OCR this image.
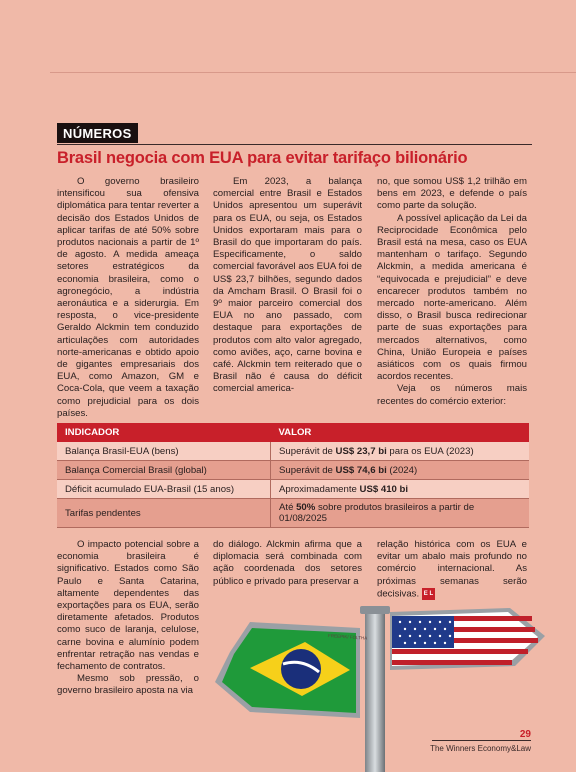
NÚMEROS
Brasil negocia com EUA para evitar tarifaço bilionário

O governo brasileiro intensificou sua ofensiva diplomática para tentar reverter a decisão dos Estados Unidos de aplicar tarifas de até 50% sobre produtos nacionais a partir de 1º de agosto. A medida ameaça setores estratégicos da economia brasileira, como o agronegócio, a indústria aeronáutica e a siderurgia. Em resposta, o vice-presidente Geraldo Alckmin tem conduzido articulações com autoridades norte-americanas e obtido apoio de gigantes empresariais dos EUA, como Amazon, GM e Coca-Cola, que veem a taxação como prejudicial para os dois países.

Em 2023, a balança comercial entre Brasil e Estados Unidos apresentou um superávit para os EUA, ou seja, os Estados Unidos exportaram mais para o Brasil do que importaram do país. Especificamente, o saldo comercial favorável aos EUA foi de US$ 23,7 bilhões, segundo dados da Amcham Brasil. O Brasil foi o 9º maior parceiro comercial dos EUA no ano passado, com destaque para exportações de produtos com alto valor agregado, como aviões, aço, carne bovina e café. Alckmin tem reiterado que o Brasil não é causa do déficit comercial america-

no, que somou US$ 1,2 trilhão em bens em 2023, e defende o país como parte da solução.

A possível aplicação da Lei da Reciprocidade Econômica pelo Brasil está na mesa, caso os EUA mantenham o tarifaço. Segundo Alckmin, a medida americana é “equivocada e prejudicial” e deve encarecer produtos também no mercado norte-americano. Além disso, o Brasil busca redirecionar parte de suas exportações para mercados alternativos, como China, União Europeia e países asiáticos com os quais firmou acordos recentes.

Veja os números mais recentes do comércio exterior:

INDICADOR	VALOR
Balança Brasil-EUA (bens)	Superávit de US$ 23,7 bi para os EUA (2023)
Balança Comercial Brasil (global)	Superávit de US$ 74,6 bi (2024)
Déficit acumulado EUA-Brasil (15 anos)	Aproximadamente US$ 410 bi
Tarifas pendentes	Até 50% sobre produtos brasileiros a partir de 01/08/2025

O impacto potencial sobre a economia brasileira é significativo. Estados como São Paulo e Santa Catarina, altamente dependentes das exportações para os EUA, serão diretamente afetados. Produtos como suco de laranja, celulose, carne bovina e alumínio podem enfrentar retração nas vendas e fechamento de contratos.

Mesmo sob pressão, o governo brasileiro aposta na via

do diálogo. Alckmin afirma que a diplomacia será combinada com ação coordenada dos setores público e privado para preservar a

relação histórica com os EUA e evitar um abalo mais profundo no comércio internacional. As próximas semanas serão decisivas. E L

FREEPIK/ FOLTHA
29
The Winners Economy&Law
